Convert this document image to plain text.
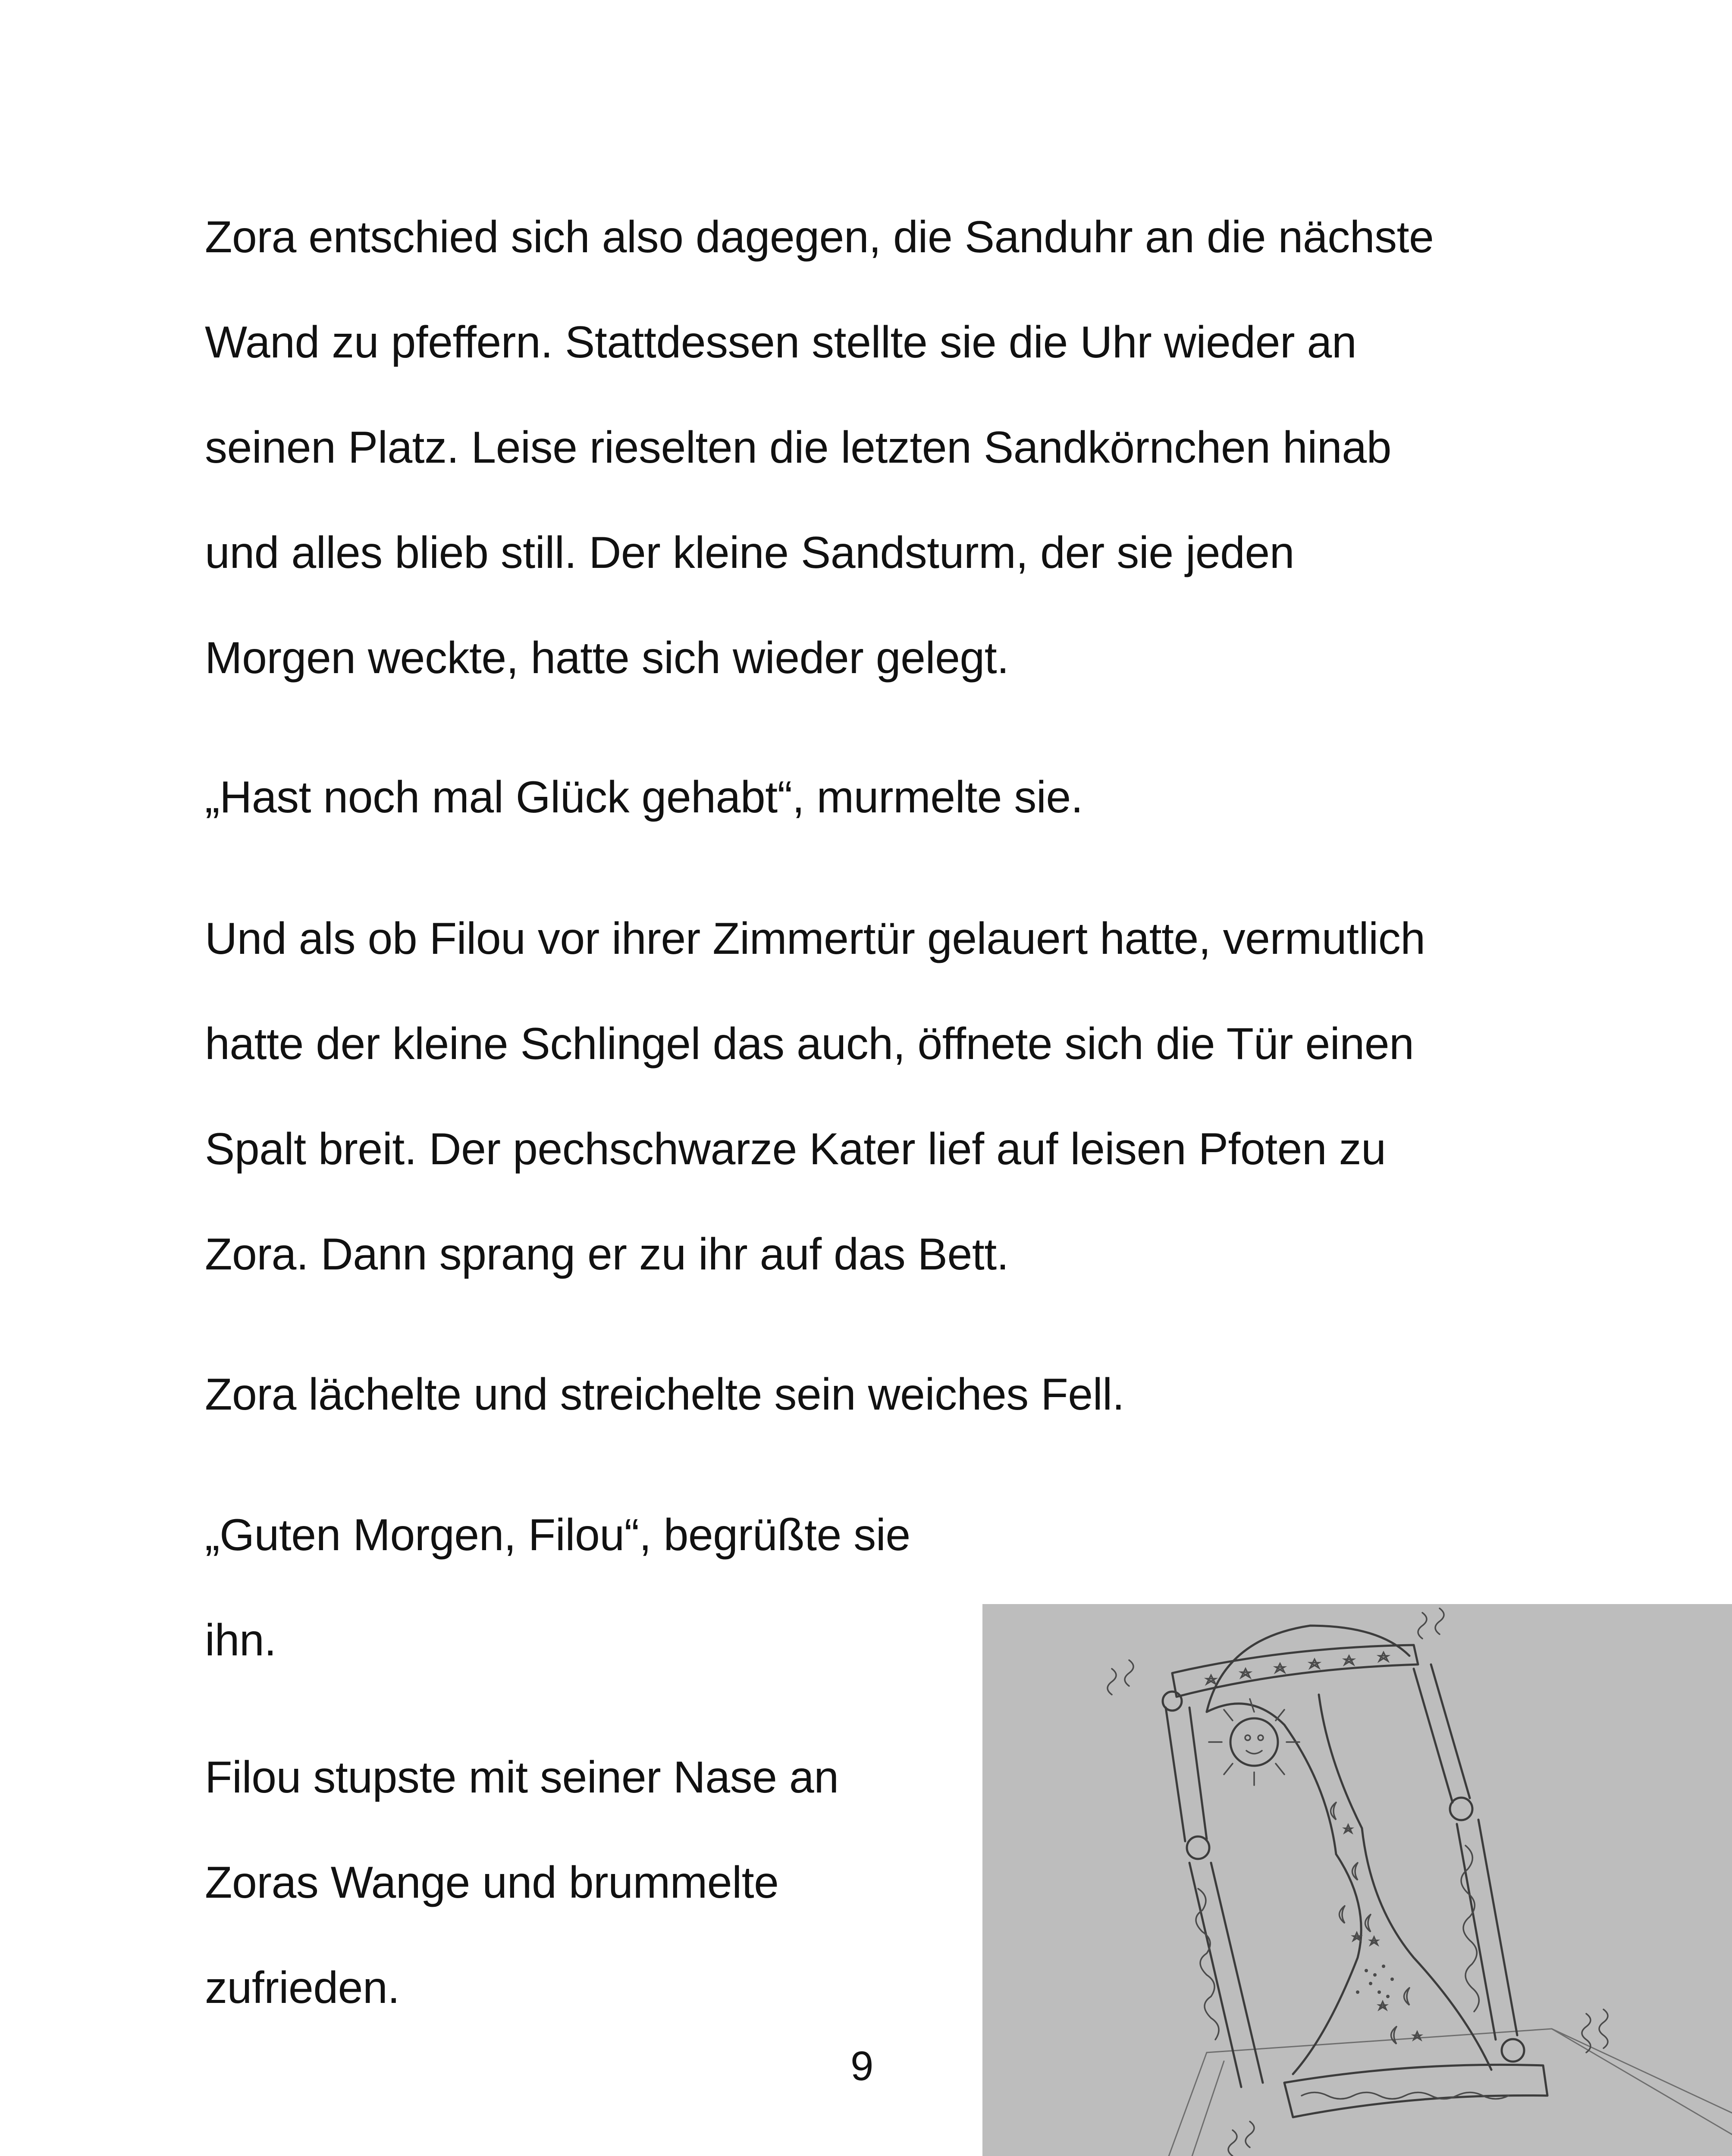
Zora entschied sich also dagegen, die Sanduhr an die nächste
Wand zu pfeffern. Stattdessen stellte sie die Uhr wieder an
seinen Platz. Leise rieselten die letzten Sandkörnchen hinab
und alles blieb still. Der kleine Sandsturm, der sie jeden
Morgen weckte, hatte sich wieder gelegt.
„Hast noch mal Glück gehabt“, murmelte sie.
Und als ob Filou vor ihrer Zimmertür gelauert hatte, vermutlich
hatte der kleine Schlingel das auch, öffnete sich die Tür einen
Spalt breit. Der pechschwarze Kater lief auf leisen Pfoten zu
Zora. Dann sprang er zu ihr auf das Bett.
Zora lächelte und streichelte sein weiches Fell.
„Guten Morgen, Filou“, begrüßte sie
ihn.
Filou stupste mit seiner Nase an
Zoras Wange und brummelte
zufrieden.
9
